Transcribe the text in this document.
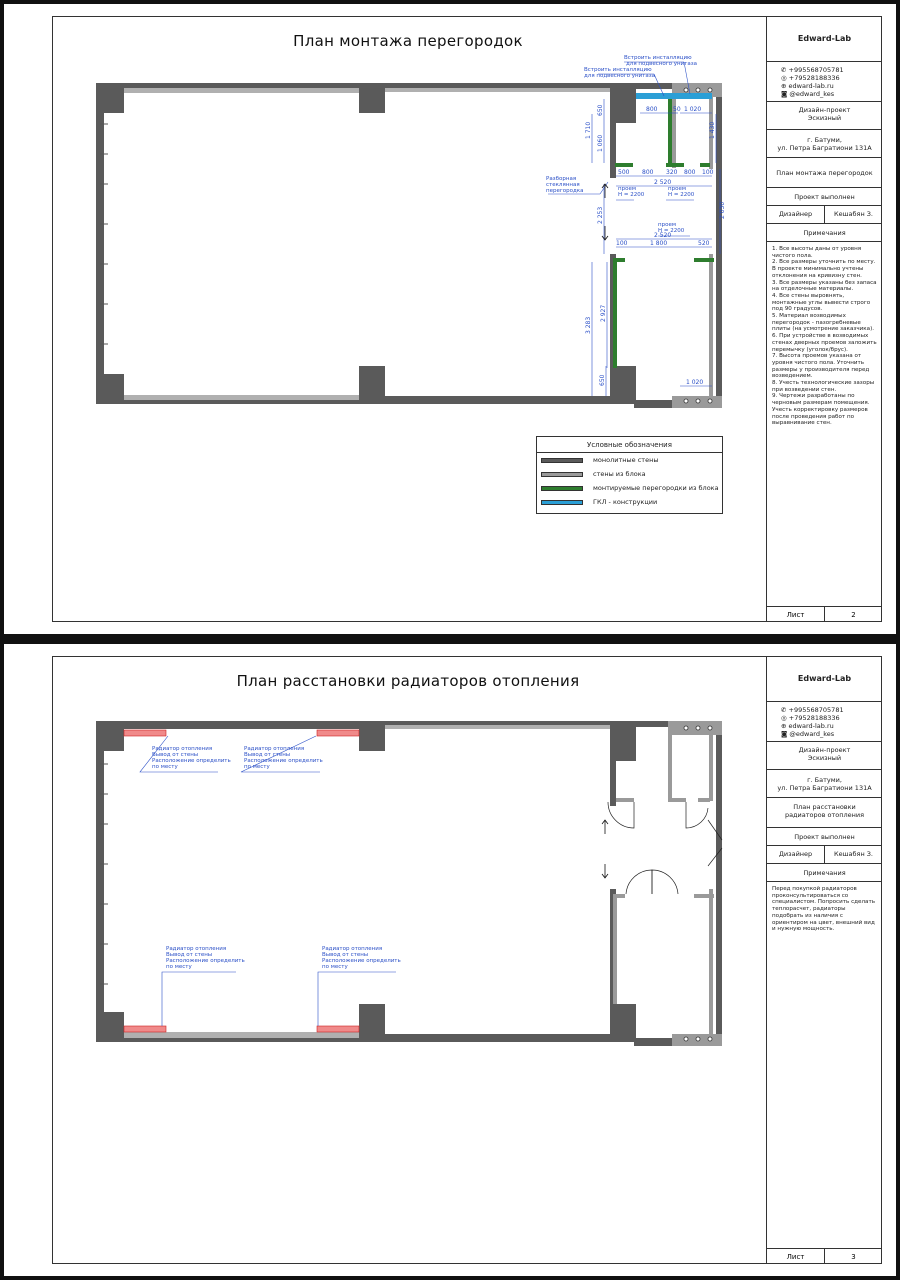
План монтажа перегородок
Встроить инсталляцию
для подвесного унитаза
Встроить инсталляцию
для подвесного унитаза
Разборная стеклянная перегородка	проем H = 2200
проем H = 2200
проем H = 2200
800	50 1 020
1 710
650
1 060
1 430
500 800 320 800 100
2 520
2 253	2 030
2 520
1 800	520
100
3 283
2 927
650	1 020
Условные обозначения
монолитные стены
стены из блока
монтируемые перегородки из блока
ГКЛ - конструкции
Edward-Lab
✆ +995568705781
◎ +79528188336
⊕ edward-lab.ru
◙ @edward_kes
Дизайн-проект
Эскизный
г. Батуми,
ул. Петра Багратиони 131А
План монтажа перегородок
Проект выполнен
Дизайнер	Кешабян З.
Примечания
1. Все высоты даны от уровня чистого пола.
2. Все размеры уточнить по месту. В проекте минимально учтены отклонения на кривизну стен.
3. Все размеры указаны без запаса на отделочные материалы.
4. Все стены выровнять, монтажные углы вывести строго под 90 градусов.
5. Материал возводимых перегородок - пазогребневые плиты (на усмотрение заказчика).
6. При устройстве в возводимых стенах дверных проемов заложить перемычку (уголок/брус).
7. Высота проемов указана от уровня чистого пола. Уточнить размеры у производителя перед возведением.
8. Учесть технологические зазоры при возведении стен.
9. Чертежи разработаны по черновым размерам помещения. Учесть корректировку размеров после проведения работ по выравнивание стен.
Лист	2
План расстановки радиаторов отопления
Радиатор отопления Вывод от стены Расположение определить по месту
Радиатор отопления Вывод от стены Расположение определить по месту
Радиатор отопления Вывод от стены Расположение определить по месту
Радиатор отопления Вывод от стены Расположение определить по месту
Edward-Lab
✆ +995568705781
◎ +79528188336
⊕ edward-lab.ru
◙ @edward_kes
Дизайн-проект
Эскизный
г. Батуми,
ул. Петра Багратиони 131А
План расстановки
радиаторов отопления
Проект выполнен
Дизайнер	Кешабян З.
Примечания
Перед покупкой радиаторов проконсультироваться со специалистом. Попросить сделать теплорасчет, радиаторы подобрать из наличия с ориентиром на цвет, внешний вид и нужную мощность.
Лист	3
